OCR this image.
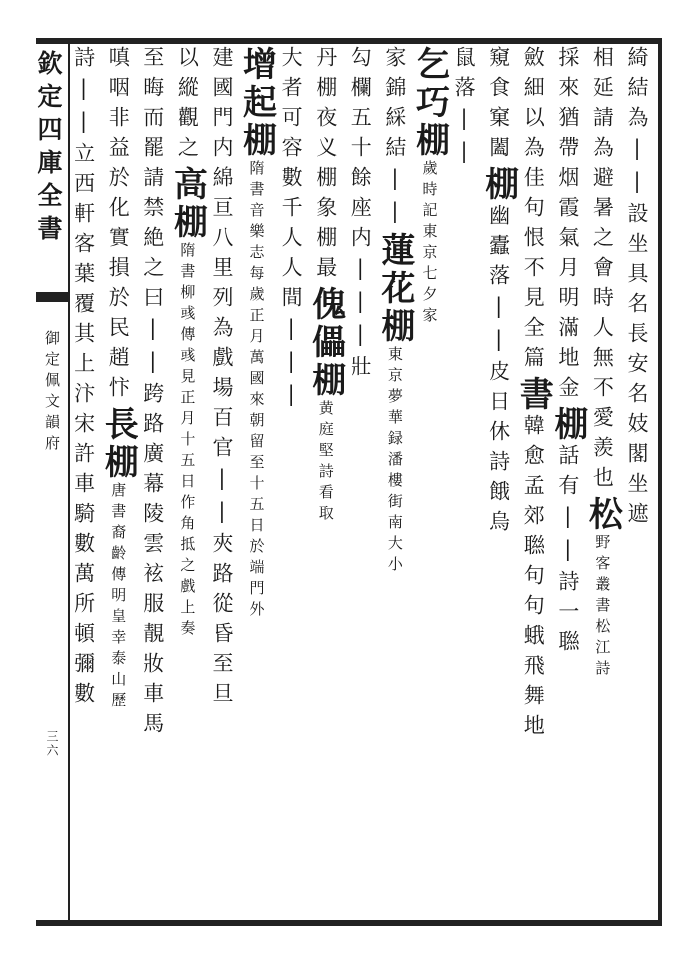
欽定四庫全書
御定佩文韻府
三六
綺結為||設坐具名長安名妓閣坐遮
相延請為避暑之會時人無不愛羨也松野客叢書松江詩
採來猶帶烟霞氣月明滿地金棚話有||詩一聮
斂細以為佳句恨不見全篇書韓愈孟郊聮句句蛾飛舞地
窺食窠闔棚幽蠹落||皮日休詩餓烏
鼠落||
乞巧棚歲時記東京七夕家
家錦綵結||蓮花棚東京夢華録潘樓街南大小
勾欄五十餘座内|||壯
丹棚夜义棚象棚最傀儡棚黄庭堅詩看取
大者可容數千人人間|||
增起棚隋書音樂志每歲正月萬國來朝留至十五日於端門外
建國門内綿亘八里列為戲場百官||夾路從昏至旦
以縱觀之高棚隋書柳彧傳彧見正月十五日作角抵之戲上奏
至晦而罷請禁絶之曰||跨路廣幕陵雲袨服靚妝車馬
嗔咽非益於化實損於民趙忭長棚唐書裔齡傳明皇幸泰山歷
詩||立西軒客葉覆其上汴宋許車騎數萬所頓彌數
